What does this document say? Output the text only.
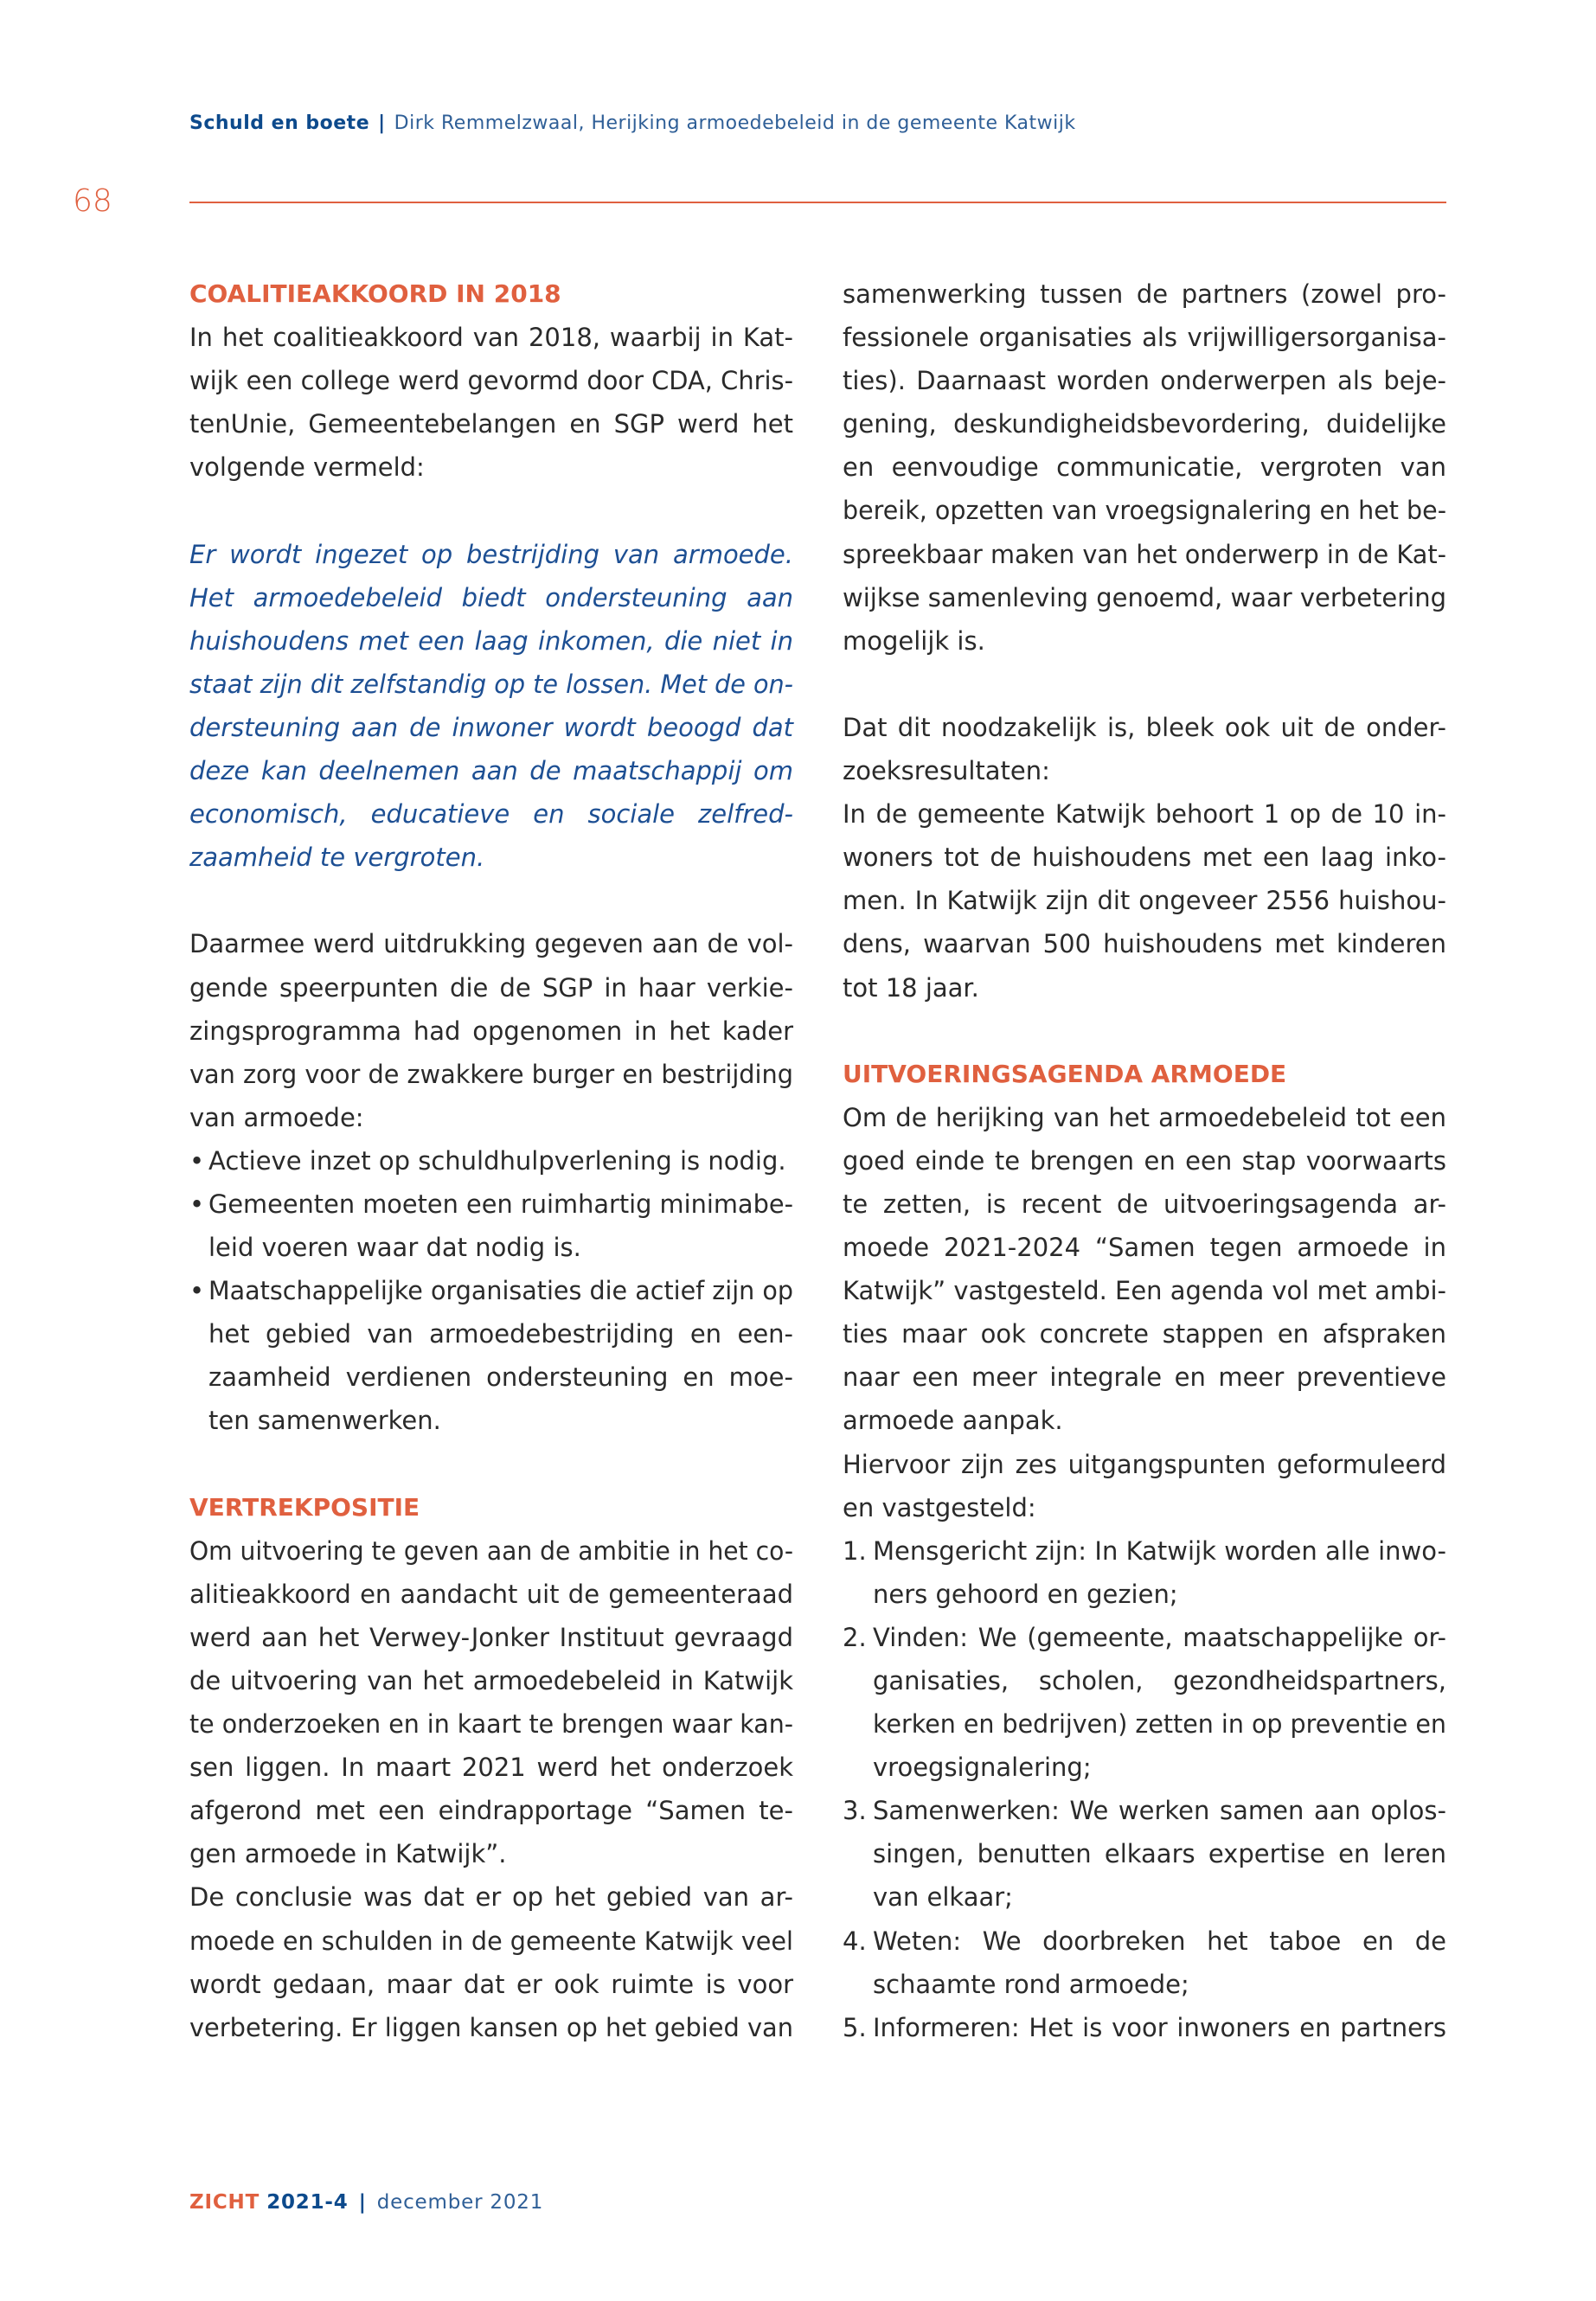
Schuld en boete | Dirk Remmelzwaal, Herijking armoedebeleid in de gemeente Katwijk
68
COALITIEAKKOORD IN 2018
In het coalitieakkoord van 2018, waarbij in Kat-
wijk een college werd gevormd door CDA, Chris-
tenUnie, Gemeentebelangen en SGP werd het
volgende vermeld:
Er wordt ingezet op bestrijding van armoede.
Het armoedebeleid biedt ondersteuning aan
huishoudens met een laag inkomen, die niet in
staat zijn dit zelfstandig op te lossen. Met de on-
dersteuning aan de inwoner wordt beoogd dat
deze kan deelnemen aan de maatschappij om
economisch, educatieve en sociale zelfred-
zaamheid te vergroten.
Daarmee werd uitdrukking gegeven aan de vol-
gende speerpunten die de SGP in haar verkie-
zingsprogramma had opgenomen in het kader
van zorg voor de zwakkere burger en bestrijding
van armoede:
• Actieve inzet op schuldhulpverlening is nodig.
• Gemeenten moeten een ruimhartig minimabe-
leid voeren waar dat nodig is.
• Maatschappelijke organisaties die actief zijn op
het gebied van armoedebestrijding en een-
zaamheid verdienen ondersteuning en moe-
ten samenwerken.
VERTREKPOSITIE
Om uitvoering te geven aan de ambitie in het co-
alitieakkoord en aandacht uit de gemeenteraad
werd aan het Verwey-Jonker Instituut gevraagd
de uitvoering van het armoedebeleid in Katwijk
te onderzoeken en in kaart te brengen waar kan-
sen liggen. In maart 2021 werd het onderzoek
afgerond met een eindrapportage “Samen te-
gen armoede in Katwijk”.
De conclusie was dat er op het gebied van ar-
moede en schulden in de gemeente Katwijk veel
wordt gedaan, maar dat er ook ruimte is voor
verbetering. Er liggen kansen op het gebied van
samenwerking tussen de partners (zowel pro-
fessionele organisaties als vrijwilligersorganisa-
ties). Daarnaast worden onderwerpen als beje-
gening, deskundigheidsbevordering, duidelijke
en eenvoudige communicatie, vergroten van
bereik, opzetten van vroegsignalering en het be-
spreekbaar maken van het onderwerp in de Kat-
wijkse samenleving genoemd, waar verbetering
mogelijk is.
Dat dit noodzakelijk is, bleek ook uit de onder-
zoeksresultaten:
In de gemeente Katwijk behoort 1 op de 10 in-
woners tot de huishoudens met een laag inko-
men. In Katwijk zijn dit ongeveer 2556 huishou-
dens, waarvan 500 huishoudens met kinderen
tot 18 jaar.
UITVOERINGSAGENDA ARMOEDE
Om de herijking van het armoedebeleid tot een
goed einde te brengen en een stap voorwaarts
te zetten, is recent de uitvoeringsagenda ar-
moede 2021-2024 “Samen tegen armoede in
Katwijk” vastgesteld. Een agenda vol met ambi-
ties maar ook concrete stappen en afspraken
naar een meer integrale en meer preventieve
armoede aanpak.
Hiervoor zijn zes uitgangspunten geformuleerd
en vastgesteld:
1. Mensgericht zijn: In Katwijk worden alle inwo-
ners gehoord en gezien;
2. Vinden: We (gemeente, maatschappelijke or-
ganisaties, scholen, gezondheidspartners,
kerken en bedrijven) zetten in op preventie en
vroegsignalering;
3. Samenwerken: We werken samen aan oplos-
singen, benutten elkaars expertise en leren
van elkaar;
4. Weten: We doorbreken het taboe en de
schaamte rond armoede;
5. Informeren: Het is voor inwoners en partners
ZICHT 2021-4 | december 2021
